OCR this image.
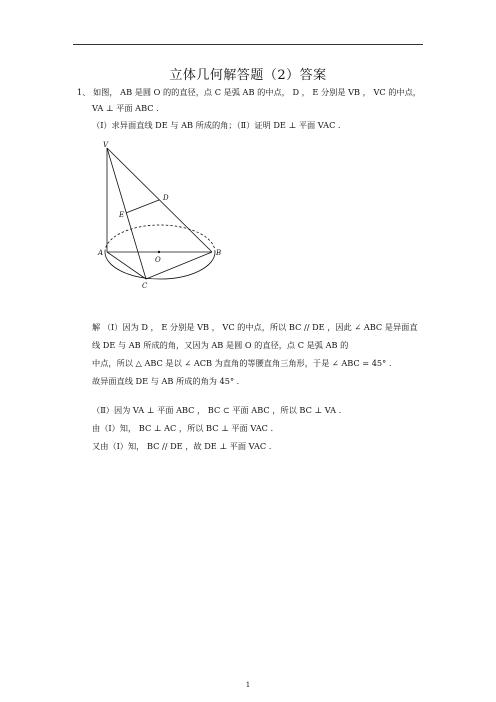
立体几何解答题（2）答案
1、 如图， AB 是圆 O 的的直径，点 C 是弧 AB 的中点， D ， E 分别是 VB ， VC 的中点，
VA ⊥ 平面 ABC .
（Ⅰ）求异面直线 DE 与 AB 所成的角；（Ⅱ）证明 DE ⊥ 平面 VAC .
V
D
E
A
O
B
C
解 （Ⅰ）因为 D ， E 分别是 VB ， VC 的中点，所以 BC // DE ，因此 ∠ ABC 是异面直
线 DE 与 AB 所成的角，又因为 AB 是圆 O 的直径，点 C 是弧 AB 的
中点，所以 △ ABC 是以 ∠ ACB 为直角的等腰直角三角形，于是 ∠ ABC = 45° .
故异面直线 DE 与 AB 所成的角为 45° .
（Ⅱ）因为 VA ⊥ 平面 ABC ， BC ⊂ 平面 ABC ，所以 BC ⊥ VA .
由（Ⅰ）知， BC ⊥ AC ，所以 BC ⊥ 平面 VAC .
又由（Ⅰ）知， BC // DE ，故 DE ⊥ 平面 VAC .
1
